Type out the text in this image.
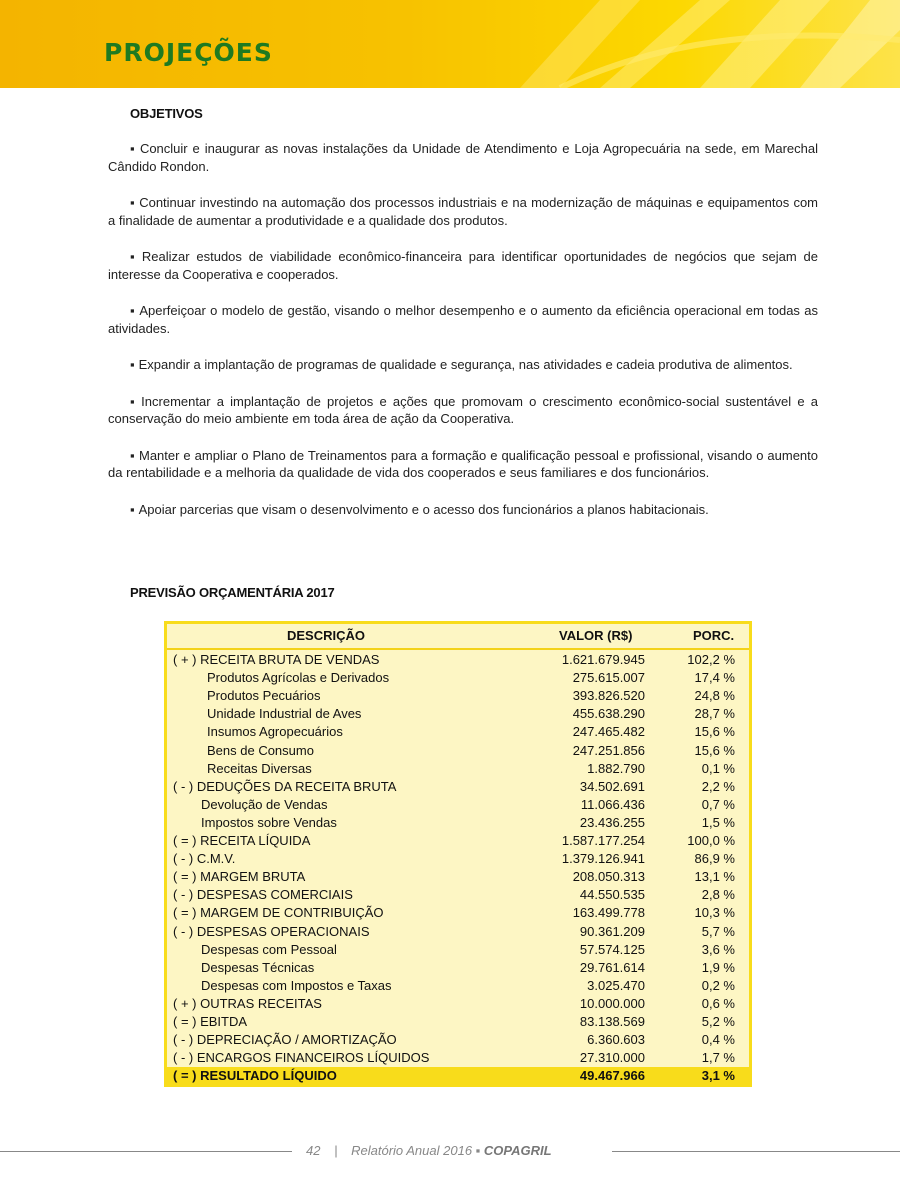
PROJEÇÕES
OBJETIVOS

▪ Concluir e inaugurar as novas instalações da Unidade de Atendimento e Loja Agropecuária na sede, em Marechal Cândido Rondon.

▪ Continuar investindo na automação dos processos industriais e na modernização de máquinas e equipamentos com a finalidade de aumentar a produtividade e a qualidade dos produtos.

▪ Realizar estudos de viabilidade econômico-financeira para identificar oportunidades de negócios que sejam de interesse da Cooperativa e cooperados.

▪ Aperfeiçoar o modelo de gestão, visando o melhor desempenho e o aumento da eficiência operacional em todas as atividades.

▪ Expandir a implantação de programas de qualidade e segurança, nas atividades e cadeia produtiva de alimentos.

▪ Incrementar a implantação de projetos e ações que promovam o crescimento econômico-social sustentável e a conservação do meio ambiente em toda área de ação da Cooperativa.

▪ Manter e ampliar o Plano de Treinamentos para a formação e qualificação pessoal e profissional, visando o aumento da rentabilidade e a melhoria da qualidade de vida dos cooperados e seus familiares e dos funcionários.

▪ Apoiar parcerias que visam o desenvolvimento e o acesso dos funcionários a planos habitacionais.

PREVISÃO ORÇAMENTÁRIA 2017
DESCRIÇÃO	VALOR (R$)	PORC.
( + ) RECEITA BRUTA DE VENDAS	1.621.679.945	102,2 %
Produtos Agrícolas e Derivados	275.615.007	17,4 %
Produtos Pecuários	393.826.520	24,8 %
Unidade Industrial de Aves	455.638.290	28,7 %
Insumos Agropecuários	247.465.482	15,6 %
Bens de Consumo	247.251.856	15,6 %
Receitas Diversas	1.882.790	0,1 %
( - ) DEDUÇÕES DA RECEITA BRUTA	34.502.691	2,2 %
Devolução de Vendas	11.066.436	0,7 %
Impostos sobre Vendas	23.436.255	1,5 %
( = ) RECEITA LÍQUIDA	1.587.177.254	100,0 %
( - ) C.M.V.	1.379.126.941	86,9 %
( = ) MARGEM BRUTA	208.050.313	13,1 %
( - ) DESPESAS COMERCIAIS	44.550.535	2,8 %
( = ) MARGEM DE CONTRIBUIÇÃO	163.499.778	10,3 %
( - ) DESPESAS OPERACIONAIS	90.361.209	5,7 %
Despesas com Pessoal	57.574.125	3,6 %
Despesas Técnicas	29.761.614	1,9 %
Despesas com Impostos e Taxas	3.025.470	0,2 %
( + ) OUTRAS RECEITAS	10.000.000	0,6 %
( = ) EBITDA	83.138.569	5,2 %
( - ) DEPRECIAÇÃO / AMORTIZAÇÃO	6.360.603	0,4 %
( - ) ENCARGOS FINANCEIROS LÍQUIDOS	27.310.000	1,7 %
( = ) RESULTADO LÍQUIDO	49.467.966	3,1 %
42 | Relatório Anual 2016 ▪ COPAGRIL
